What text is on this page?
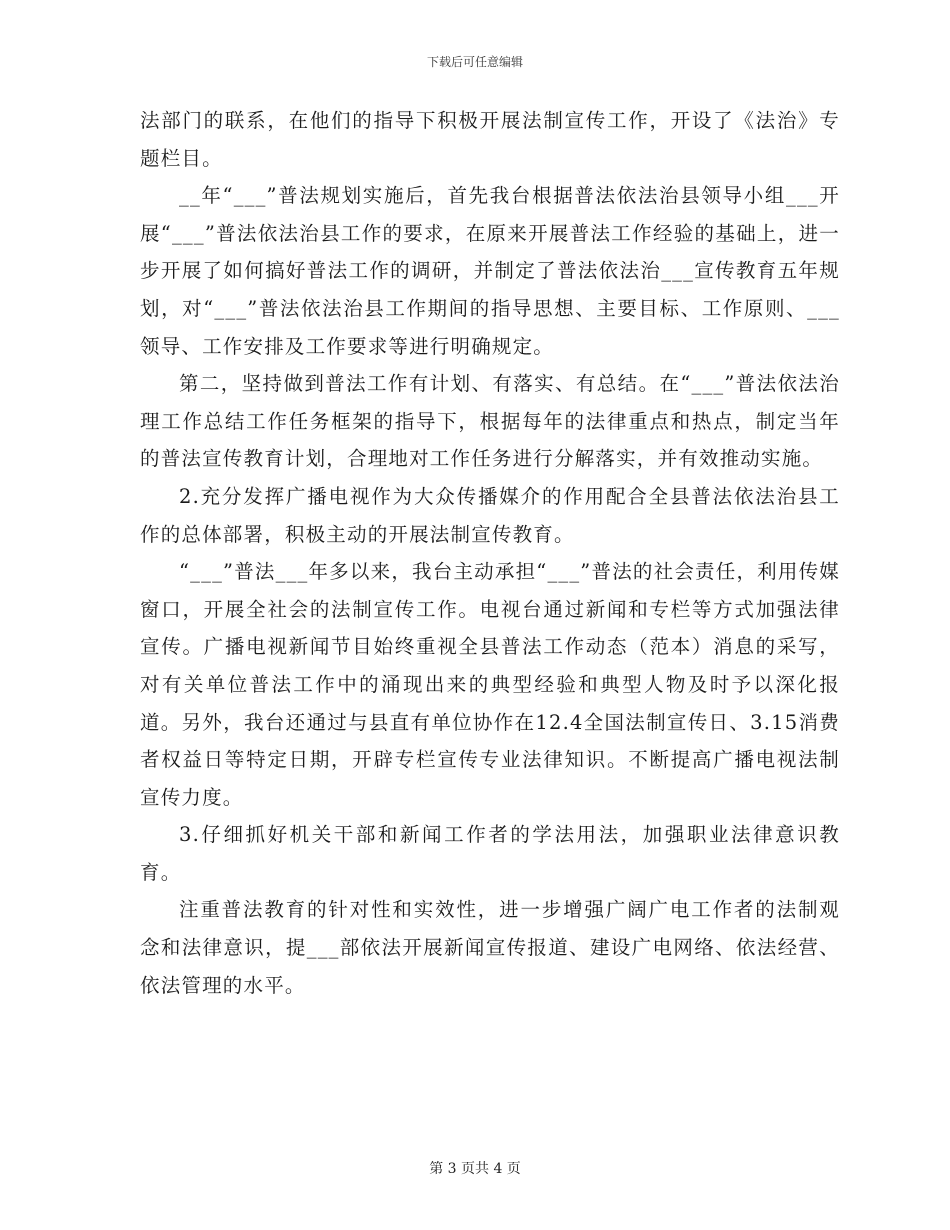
下载后可任意编辑

法部门的联系，在他们的指导下积极开展法制宣传工作，开设了《法治》专题栏目。

__年“___”普法规划实施后，首先我台根据普法依法治县领导小组___开展“___”普法依法治县工作的要求，在原来开展普法工作经验的基础上，进一步开展了如何搞好普法工作的调研，并制定了普法依法治___宣传教育五年规划，对“___”普法依法治县工作期间的指导思想、主要目标、工作原则、___领导、工作安排及工作要求等进行明确规定。

第二，坚持做到普法工作有计划、有落实、有总结。在“___”普法依法治理工作总结工作任务框架的指导下，根据每年的法律重点和热点，制定当年的普法宣传教育计划，合理地对工作任务进行分解落实，并有效推动实施。

2.充分发挥广播电视作为大众传播媒介的作用配合全县普法依法治县工作的总体部署，积极主动的开展法制宣传教育。

“___”普法___年多以来，我台主动承担“___”普法的社会责任，利用传媒窗口，开展全社会的法制宣传工作。电视台通过新闻和专栏等方式加强法律宣传。广播电视新闻节目始终重视全县普法工作动态（范本）消息的采写，对有关单位普法工作中的涌现出来的典型经验和典型人物及时予以深化报道。另外，我台还通过与县直有单位协作在12.4全国法制宣传日、3.15消费者权益日等特定日期，开辟专栏宣传专业法律知识。不断提高广播电视法制宣传力度。

3.仔细抓好机关干部和新闻工作者的学法用法，加强职业法律意识教育。

注重普法教育的针对性和实效性，进一步增强广阔广电工作者的法制观念和法律意识，提___部依法开展新闻宣传报道、建设广电网络、依法经营、依法管理的水平。

第 3 页共 4 页
